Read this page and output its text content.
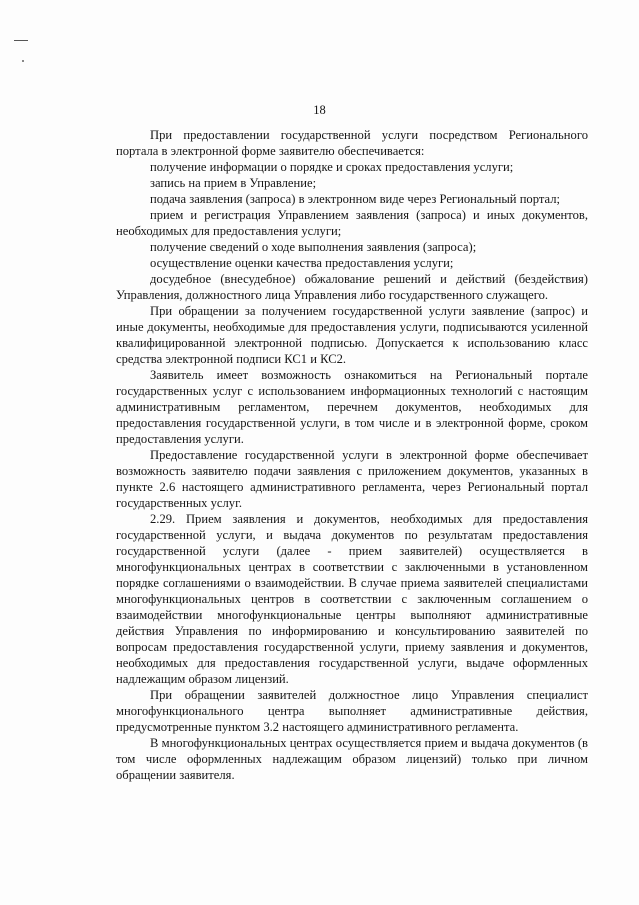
18

При предоставлении государственной услуги посредством Регионального портала в электронной форме заявителю обеспечивается:

получение информации о порядке и сроках предоставления услуги;

запись на прием в Управление;

подача заявления (запроса) в электронном виде через Региональный портал;

прием и регистрация Управлением заявления (запроса) и иных документов, необходимых для предоставления услуги;

получение сведений о ходе выполнения заявления (запроса);

осуществление оценки качества предоставления услуги;

досудебное (внесудебное) обжалование решений и действий (бездействия) Управления, должностного лица Управления либо государственного служащего.

При обращении за получением государственной услуги заявление (запрос) и иные документы, необходимые для предоставления услуги, подписываются усиленной квалифицированной электронной подписью. Допускается к использованию класс средства электронной подписи КС1 и КС2.

Заявитель имеет возможность ознакомиться на Региональный портале государственных услуг с использованием информационных технологий с настоящим административным регламентом, перечнем документов, необходимых для предоставления государственной услуги, в том числе и в электронной форме, сроком предоставления услуги.

Предоставление государственной услуги в электронной форме обеспечивает возможность заявителю подачи заявления с приложением документов, указанных в пункте 2.6 настоящего административного регламента, через Региональный портал государственных услуг.

2.29. Прием заявления и документов, необходимых для предоставления государственной услуги, и выдача документов по результатам предоставления государственной услуги (далее - прием заявителей) осуществляется в многофункциональных центрах в соответствии с заключенными в установленном порядке соглашениями о взаимодействии. В случае приема заявителей специалистами многофункциональных центров в соответствии с заключенным соглашением о взаимодействии многофункциональные центры выполняют административные действия Управления по информированию и консультированию заявителей по вопросам предоставления государственной услуги, приему заявления и документов, необходимых для предоставления государственной услуги, выдаче оформленных надлежащим образом лицензий.

При обращении заявителей должностное лицо Управления специалист многофункционального центра выполняет административные действия, предусмотренные пунктом 3.2 настоящего административного регламента.

В многофункциональных центрах осуществляется прием и выдача документов (в том числе оформленных надлежащим образом лицензий) только при личном обращении заявителя.
